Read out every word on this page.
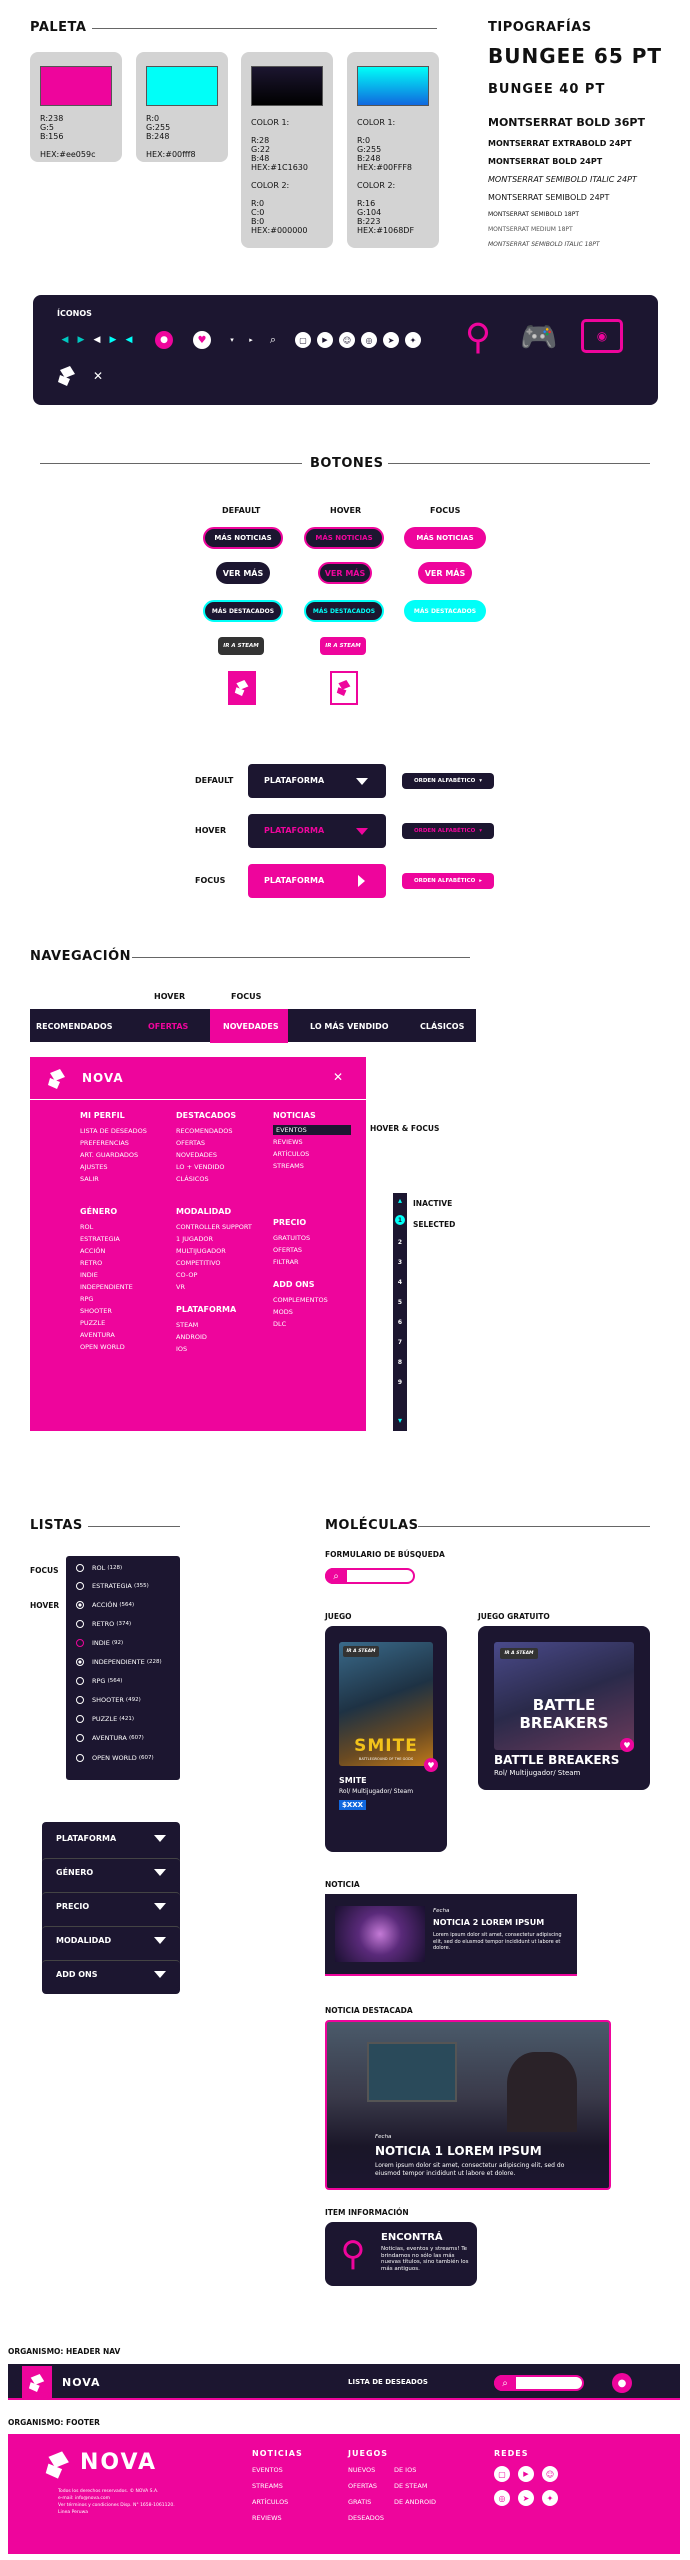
PALETA
R:238
G:5
B:156

HEX:#ee059c
R:0
G:255
B:248

HEX:#00fff8
COLOR 1:

R:28
G:22
B:48
HEX:#1C1630

COLOR 2:

R:0
C:0
B:0
HEX:#000000
COLOR 1:

R:0
G:255
B:248
HEX:#00FFF8

COLOR 2:

R:16
G:104
B:223
HEX:#1068DF
TIPOGRAFÍAS
BUNGEE 65 PT
BUNGEE 40 PT
MONTSERRAT BOLD 36PT
MONTSERRAT EXTRABOLD 24PT
MONTSERRAT BOLD 24PT
MONTSERRAT SEMIBOLD ITALIC 24PT
MONTSERRAT SEMIBOLD 24PT
MONTSERRAT SEMIBOLD 18PT
MONTSERRAT MEDIUM 18PT
MONTSERRAT SEMIBOLD ITALIC 18PT
ÍCONOS
◀ ▶ ◀ ▶ ◀	●	♥	▾	▸	⌕	▢	▶	☺	◎	➤	✦ ⚲ 🎮	◉
✕
BOTONES
DEFAULT	HOVER	FOCUS
MÁS NOTICIAS	MÁS NOTICIAS	MÁS NOTICIAS
VER MÁS	VER MÁS	VER MÁS
MÁS DESTACADOS	MÁS DESTACADOS	MÁS DESTACADOS
IR A STEAM	IR A STEAM
DEFAULT
HOVER
FOCUS
PLATAFORMA
PLATAFORMA
PLATAFORMA
ORDEN ALFABÉTICO ▾
ORDEN ALFABÉTICO ▾
ORDEN ALFABÉTICO ▸
NAVEGACIÓN
HOVER	FOCUS
RECOMENDADOS	OFERTAS	NOVEDADES	LO MÁS VENDIDO	CLÁSICOS
NOVA	✕
MI PERFIL
LISTA DE DESEADOS
PREFERENCIAS
ART. GUARDADOS
AJUSTES
SALIR
GÉNERO
ROL
ESTRATEGIA
ACCIÓN
RETRO
INDIE
INDEPENDIENTE
RPG
SHOOTER
PUZZLE
AVENTURA
OPEN WORLD
DESTACADOS
RECOMENDADOS
OFERTAS
NOVEDADES
LO + VENDIDO
CLÁSICOS
MODALIDAD
CONTROLLER SUPPORT
1 JUGADOR
MULTIJUGADOR
COMPETITIVO
CO-OP
VR
PLATAFORMA
STEAM
ANDROID
IOS
NOTICIAS
EVENTOS
REVIEWS
ARTÍCULOS
STREAMS
PRECIO
GRATUITOS
OFERTAS
FILTRAR
ADD ONS
COMPLEMENTOS
MODS
DLC
HOVER & FOCUS
▴
1
2
3
4
5
6
7
8
9
▾
INACTIVE
SELECTED
LISTAS
FOCUS
HOVER
ROL
(128)
ESTRATEGIA
(355)
ACCIÓN
(564)
RETRO
(374)
INDIE
(92)
INDEPENDIENTE
(228)
RPG
(564)
SHOOTER
(492)
PUZZLE
(421)
AVENTURA
(607)
OPEN WORLD
(607)
PLATAFORMA
GÉNERO
PRECIO
MODALIDAD
ADD ONS
MOLÉCULAS
FORMULARIO DE BÚSQUEDA
⌕
JUEGO	JUEGO GRATUITO
IR A STEAM
SMITE
BATTLEGROUND OF THE GODS
♥
SMITE
Rol/ Multijugador/ Steam
$XXX
IR A STEAM
BATTLE
BREAKERS
♥
BATTLE BREAKERS
Rol/ Multijugador/ Steam
NOTICIA
Fecha
NOTICIA 2 LOREM IPSUM
Lorem ipsum dolor sit amet, consectetur adipiscing elit, sed do eiusmod tempor incididunt ut labore et dolore.
NOTICIA DESTACADA
Fecha
NOTICIA 1 LOREM IPSUM
Lorem ipsum dolor sit amet, consectetur adipiscing elit, sed do eiusmod tempor incididunt ut labore et dolore.
ITEM INFORMACIÓN
⚲	ENCONTRÁ
Noticias, eventos y streams! Te brindamos no sólo las más nuevas títulos, sino también los más antiguos.
ORGANISMO: HEADER NAV
NOVA	LISTA DE DESEADOS	⌕	●
ORGANISMO: FOOTER
NOVA
Todos los derechos reservados. © NOVA S.A.
e-mail: info@nova.com
Ver términos y condiciones Disp. N° 1658-1061120.
Linea Peruwa
NOTICIAS
EVENTOS
STREAMS
ARTÍCULOS
REVIEWS
JUEGOS
NUEVOS
OFERTAS
GRATIS
DESEADOS
DE IOS
DE STEAM
DE ANDROID
REDES
▢	▶	☺
◎	➤	✦
